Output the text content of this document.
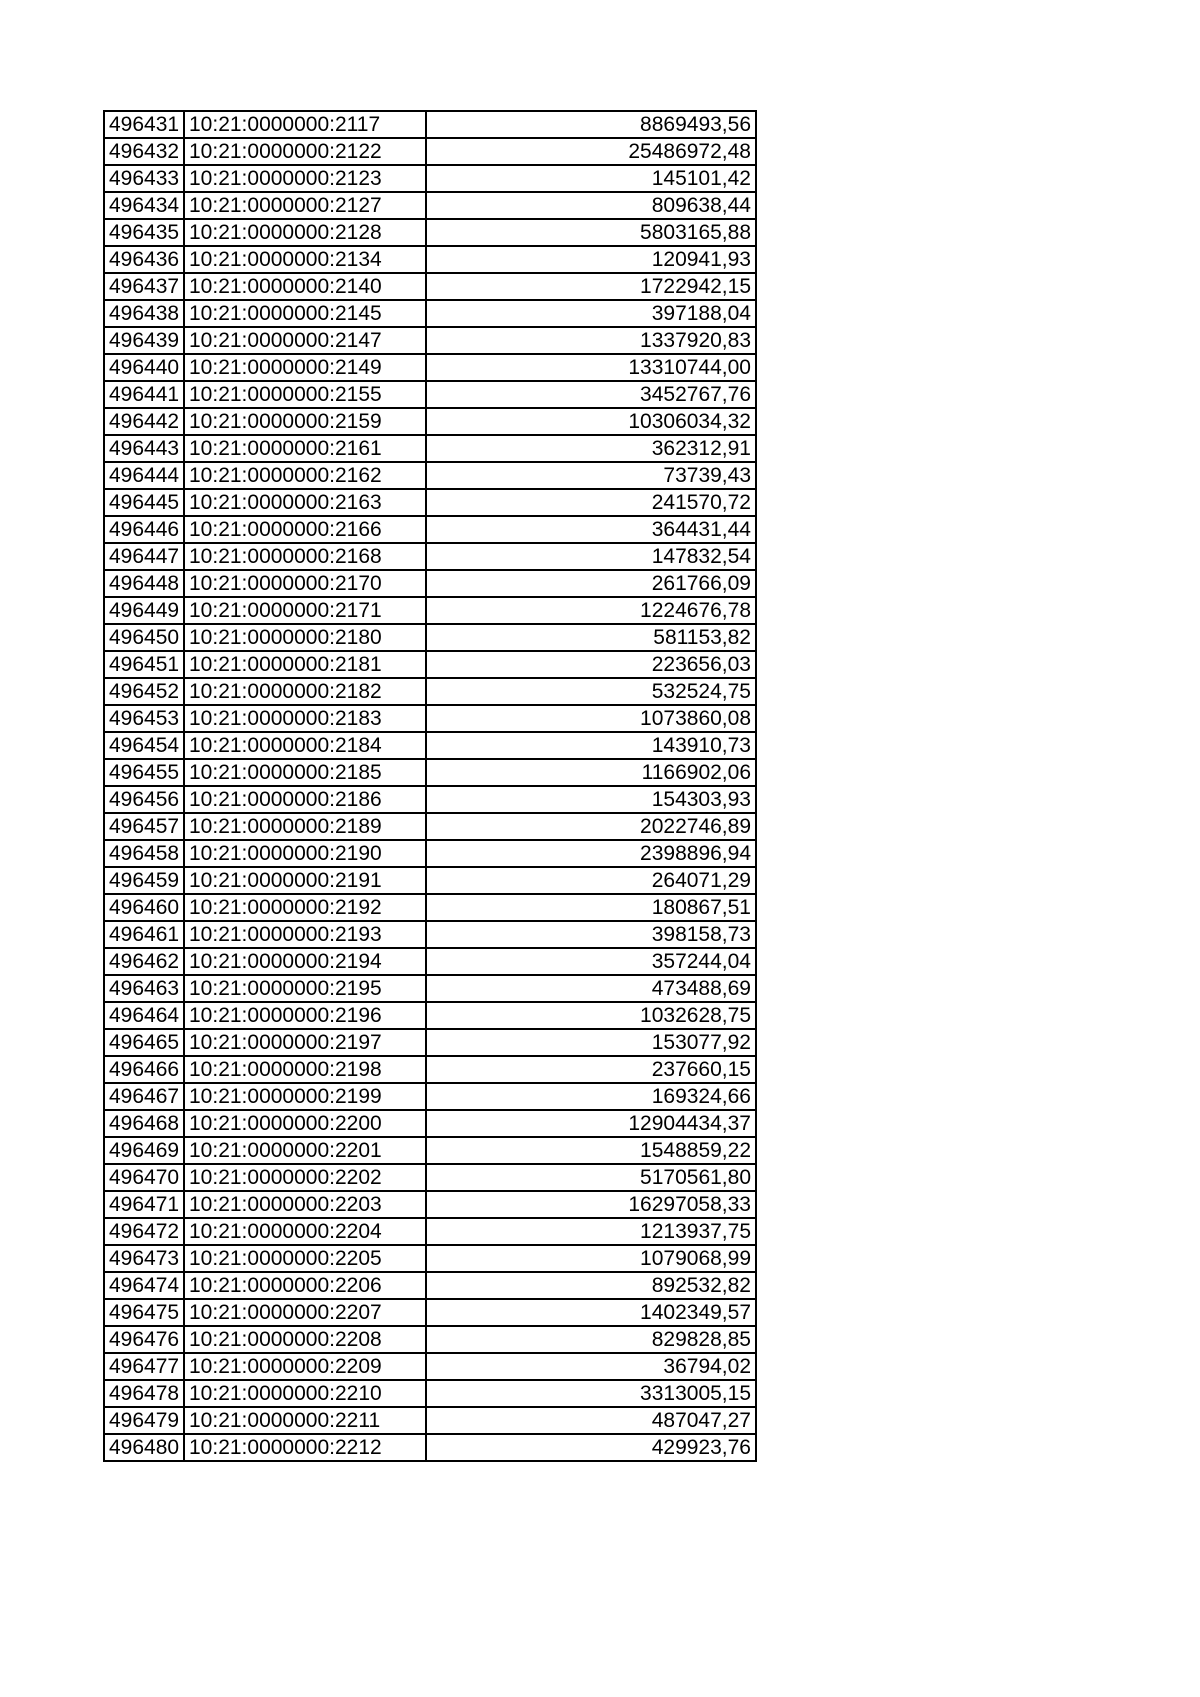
496431	10:21:0000000:2117	8869493,56
496432	10:21:0000000:2122	25486972,48
496433	10:21:0000000:2123	145101,42
496434	10:21:0000000:2127	809638,44
496435	10:21:0000000:2128	5803165,88
496436	10:21:0000000:2134	120941,93
496437	10:21:0000000:2140	1722942,15
496438	10:21:0000000:2145	397188,04
496439	10:21:0000000:2147	1337920,83
496440	10:21:0000000:2149	13310744,00
496441	10:21:0000000:2155	3452767,76
496442	10:21:0000000:2159	10306034,32
496443	10:21:0000000:2161	362312,91
496444	10:21:0000000:2162	73739,43
496445	10:21:0000000:2163	241570,72
496446	10:21:0000000:2166	364431,44
496447	10:21:0000000:2168	147832,54
496448	10:21:0000000:2170	261766,09
496449	10:21:0000000:2171	1224676,78
496450	10:21:0000000:2180	581153,82
496451	10:21:0000000:2181	223656,03
496452	10:21:0000000:2182	532524,75
496453	10:21:0000000:2183	1073860,08
496454	10:21:0000000:2184	143910,73
496455	10:21:0000000:2185	1166902,06
496456	10:21:0000000:2186	154303,93
496457	10:21:0000000:2189	2022746,89
496458	10:21:0000000:2190	2398896,94
496459	10:21:0000000:2191	264071,29
496460	10:21:0000000:2192	180867,51
496461	10:21:0000000:2193	398158,73
496462	10:21:0000000:2194	357244,04
496463	10:21:0000000:2195	473488,69
496464	10:21:0000000:2196	1032628,75
496465	10:21:0000000:2197	153077,92
496466	10:21:0000000:2198	237660,15
496467	10:21:0000000:2199	169324,66
496468	10:21:0000000:2200	12904434,37
496469	10:21:0000000:2201	1548859,22
496470	10:21:0000000:2202	5170561,80
496471	10:21:0000000:2203	16297058,33
496472	10:21:0000000:2204	1213937,75
496473	10:21:0000000:2205	1079068,99
496474	10:21:0000000:2206	892532,82
496475	10:21:0000000:2207	1402349,57
496476	10:21:0000000:2208	829828,85
496477	10:21:0000000:2209	36794,02
496478	10:21:0000000:2210	3313005,15
496479	10:21:0000000:2211	487047,27
496480	10:21:0000000:2212	429923,76
